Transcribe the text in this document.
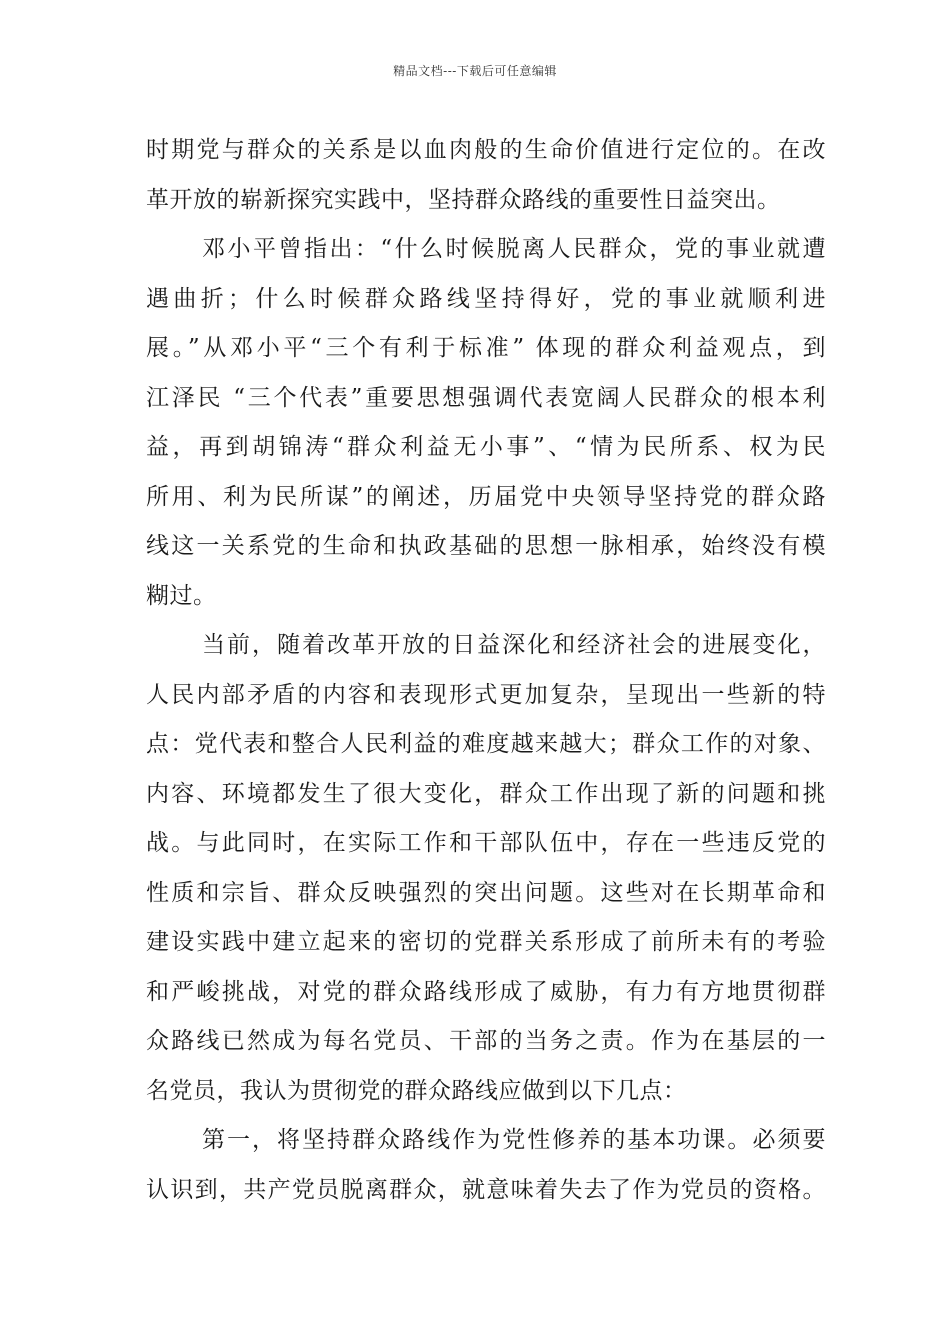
精品文档---下载后可任意编辑
时期党与群众的关系是以血肉般的生命价值进行定位的。在改
革开放的崭新探究实践中，坚持群众路线的重要性日益突出。
邓小平曾指出：“什么时候脱离人民群众，党的事业就遭
遇曲折；什么时候群众路线坚持得好，党的事业就顺利进
展。”从邓小平“三个有利于标准” 体现的群众利益观点，到
江泽民 “三个代表”重要思想强调代表宽阔人民群众的根本利
益，再到胡锦涛“群众利益无小事”、“情为民所系、权为民
所用、利为民所谋”的阐述，历届党中央领导坚持党的群众路
线这一关系党的生命和执政基础的思想一脉相承，始终没有模
糊过。
当前，随着改革开放的日益深化和经济社会的进展变化，
人民内部矛盾的内容和表现形式更加复杂，呈现出一些新的特
点：党代表和整合人民利益的难度越来越大；群众工作的对象、
内容、环境都发生了很大变化，群众工作出现了新的问题和挑
战。与此同时，在实际工作和干部队伍中，存在一些违反党的
性质和宗旨、群众反映强烈的突出问题。这些对在长期革命和
建设实践中建立起来的密切的党群关系形成了前所未有的考验
和严峻挑战，对党的群众路线形成了威胁，有力有方地贯彻群
众路线已然成为每名党员、干部的当务之责。作为在基层的一
名党员，我认为贯彻党的群众路线应做到以下几点：
第一，将坚持群众路线作为党性修养的基本功课。必须要
认识到，共产党员脱离群众，就意味着失去了作为党员的资格。
